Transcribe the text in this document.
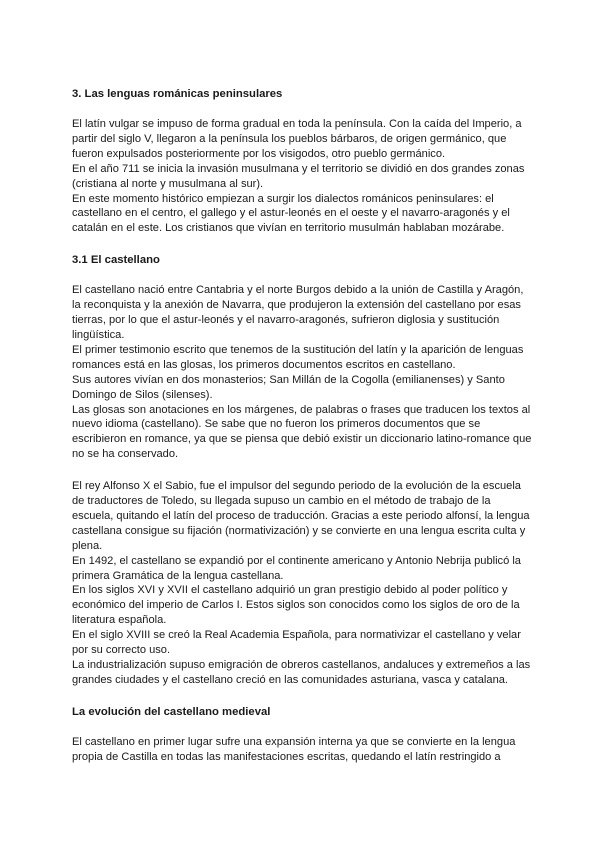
3. Las lenguas románicas peninsulares

El latín vulgar se impuso de forma gradual en toda la península. Con la caída del Imperio, a partir del siglo V, llegaron a la península los pueblos bárbaros, de origen germánico, que fueron expulsados posteriormente por los visigodos, otro pueblo germánico.

En el año 711 se inicia la invasión musulmana y el territorio se dividió en dos grandes zonas (cristiana al norte y musulmana al sur).

En este momento histórico empiezan a surgir los dialectos románicos peninsulares: el castellano en el centro, el gallego y el astur-leonés en el oeste y el navarro-aragonés y el catalán en el este. Los cristianos que vivían en territorio musulmán hablaban mozárabe.

3.1 El castellano

El castellano nació entre Cantabria y el norte Burgos debido a la unión de Castilla y Aragón, la reconquista y la anexión de Navarra, que produjeron la extensión del castellano por esas tierras, por lo que el astur-leonés y el navarro-aragonés, sufrieron diglosia y sustitución lingüística.

El primer testimonio escrito que tenemos de la sustitución del latín y la aparición de lenguas romances está en las glosas, los primeros documentos escritos en castellano.

Sus autores vivían en dos monasterios; San Millán de la Cogolla (emilianenses) y Santo Domingo de Silos (silenses).

Las glosas son anotaciones en los márgenes, de palabras o frases que traducen los textos al nuevo idioma (castellano). Se sabe que no fueron los primeros documentos que se escribieron en romance, ya que se piensa que debió existir un diccionario latino-romance que no se ha conservado.

El rey Alfonso X el Sabio, fue el impulsor del segundo periodo de la evolución de la escuela de traductores de Toledo, su llegada supuso un cambio en el método de trabajo de la escuela, quitando el latín del proceso de traducción. Gracias a este periodo alfonsí, la lengua castellana consigue su fijación (normativización) y se convierte en una lengua escrita culta y plena.

En 1492, el castellano se expandió por el continente americano y Antonio Nebrija publicó la primera Gramática de la lengua castellana.

En los siglos XVI y XVII el castellano adquirió un gran prestigio debido al poder político y económico del imperio de Carlos I. Estos siglos son conocidos como los siglos de oro de la literatura española.

En el siglo XVIII se creó la Real Academia Española, para normativizar el castellano y velar por su correcto uso.

La industrialización supuso emigración de obreros castellanos, andaluces y extremeños a las grandes ciudades y el castellano creció en las comunidades asturiana, vasca y catalana.

La evolución del castellano medieval

El castellano en primer lugar sufre una expansión interna ya que se convierte en la lengua propia de Castilla en todas las manifestaciones escritas, quedando el latín restringido a
